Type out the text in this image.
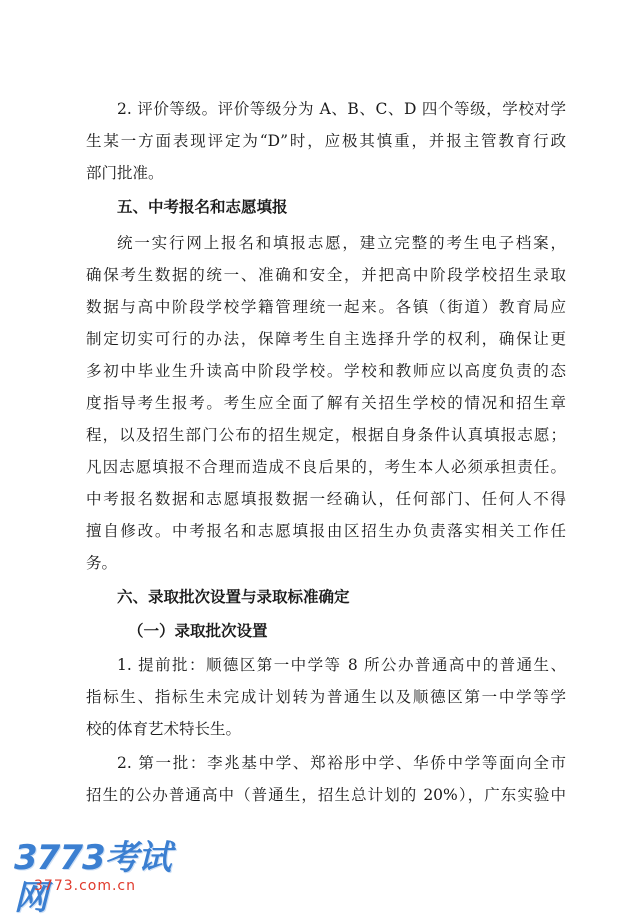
2. 评价等级。评价等级分为 A、B、C、D 四个等级，学校对学
生某一方面表现评定为“D”时，应极其慎重，并报主管教育行政
部门批准。
五、中考报名和志愿填报
统一实行网上报名和填报志愿，建立完整的考生电子档案，
确保考生数据的统一、准确和安全，并把高中阶段学校招生录取
数据与高中阶段学校学籍管理统一起来。各镇（街道）教育局应
制定切实可行的办法，保障考生自主选择升学的权利，确保让更
多初中毕业生升读高中阶段学校。学校和教师应以高度负责的态
度指导考生报考。考生应全面了解有关招生学校的情况和招生章
程，以及招生部门公布的招生规定，根据自身条件认真填报志愿；
凡因志愿填报不合理而造成不良后果的，考生本人必须承担责任。
中考报名数据和志愿填报数据一经确认，任何部门、任何人不得
擅自修改。中考报名和志愿填报由区招生办负责落实相关工作任
务。
六、录取批次设置与录取标准确定
（一）录取批次设置
1. 提前批：顺德区第一中学等 8 所公办普通高中的普通生、
指标生、指标生未完成计划转为普通生以及顺德区第一中学等学
校的体育艺术特长生。
2. 第一批：李兆基中学、郑裕彤中学、华侨中学等面向全市
招生的公办普通高中（普通生，招生总计划的 20%），广东实验中
3773考试网
3773.com.cn
